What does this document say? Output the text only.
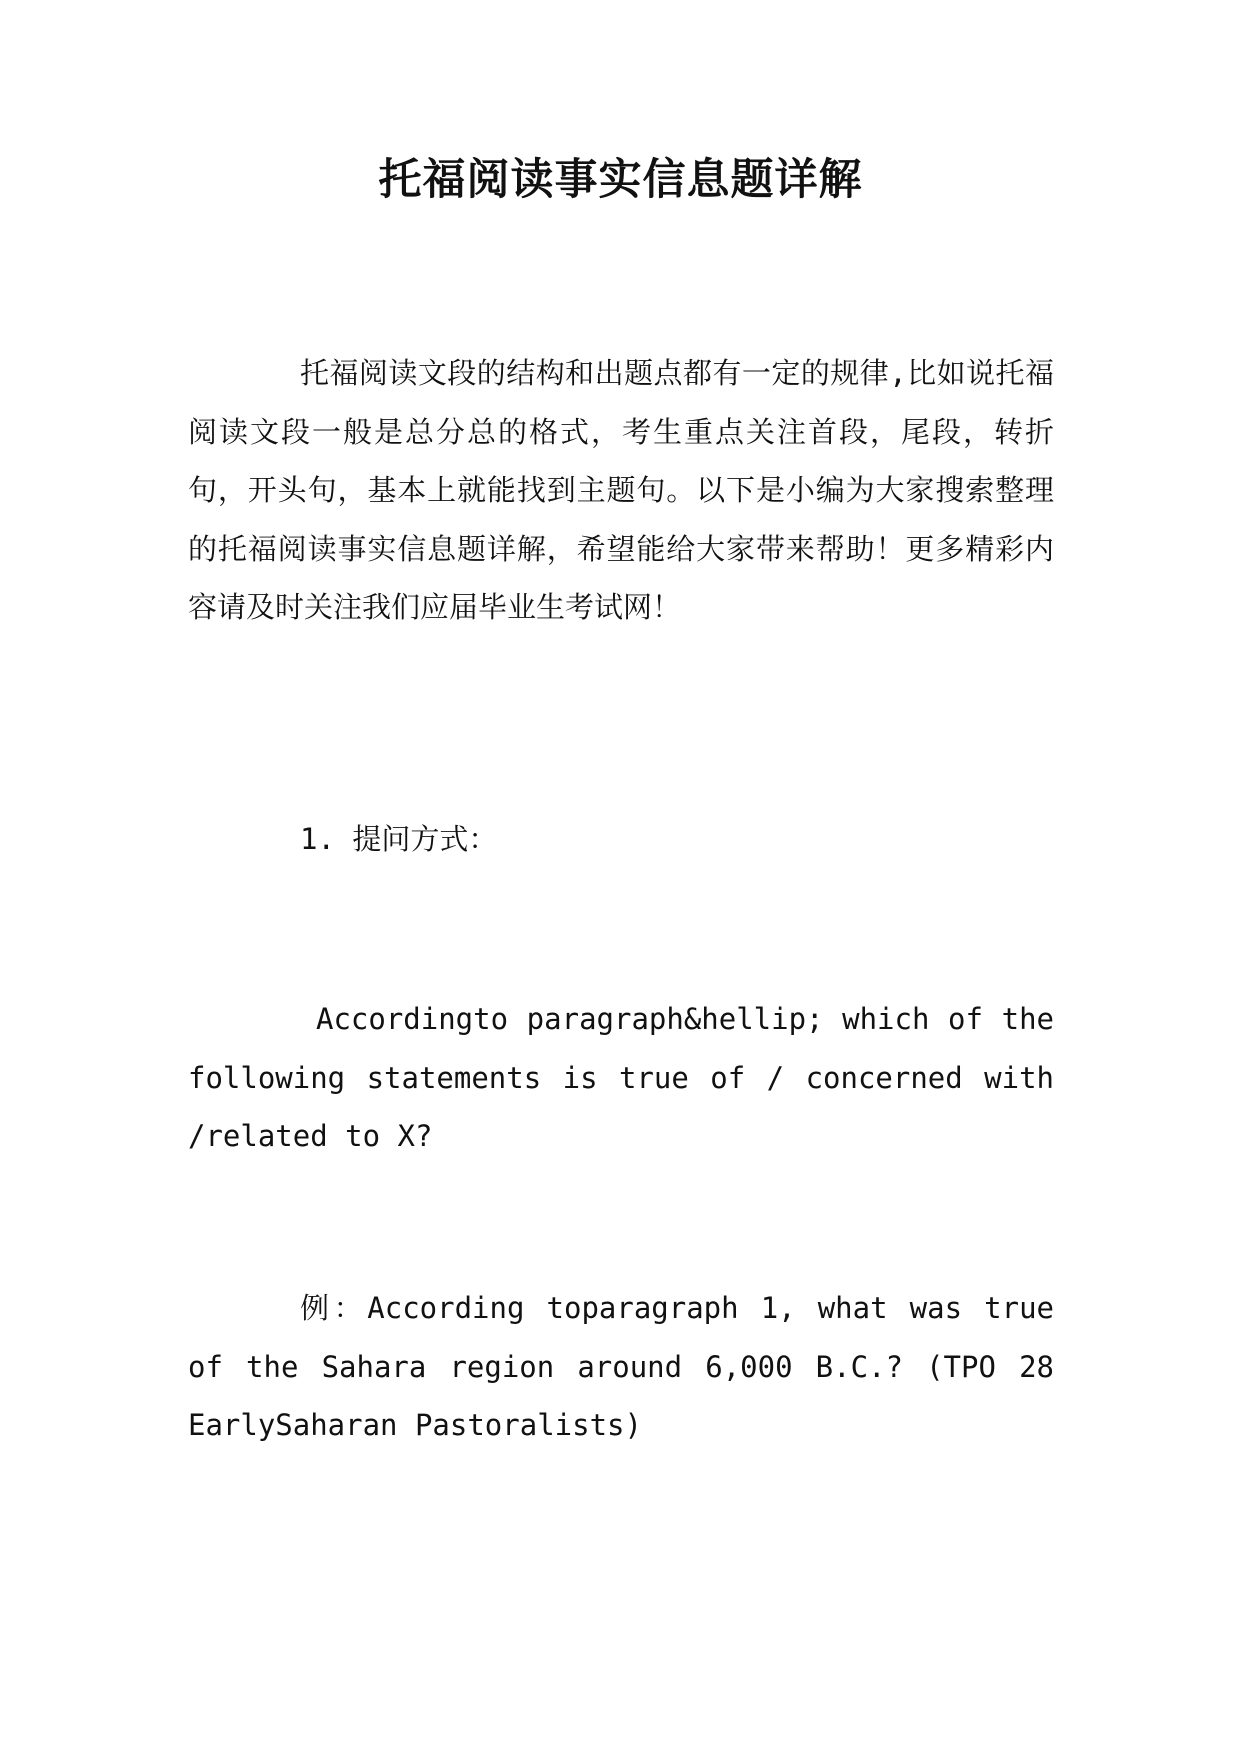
托福阅读事实信息题详解

托福阅读文段的结构和出题点都有一定的规律,比如说托福阅读文段一般是总分总的格式，考生重点关注首段，尾段，转折句，开头句，基本上就能找到主题句。以下是小编为大家搜索整理的托福阅读事实信息题详解，希望能给大家带来帮助！更多精彩内容请及时关注我们应届毕业生考试网！

1. 提问方式：

Accordingto paragraph&hellip; which of the following statements is true of / concerned with /related to X?

例：According toparagraph 1, what was true of the Sahara region around 6,000 B.C.? (TPO 28 EarlySaharan Pastoralists)
